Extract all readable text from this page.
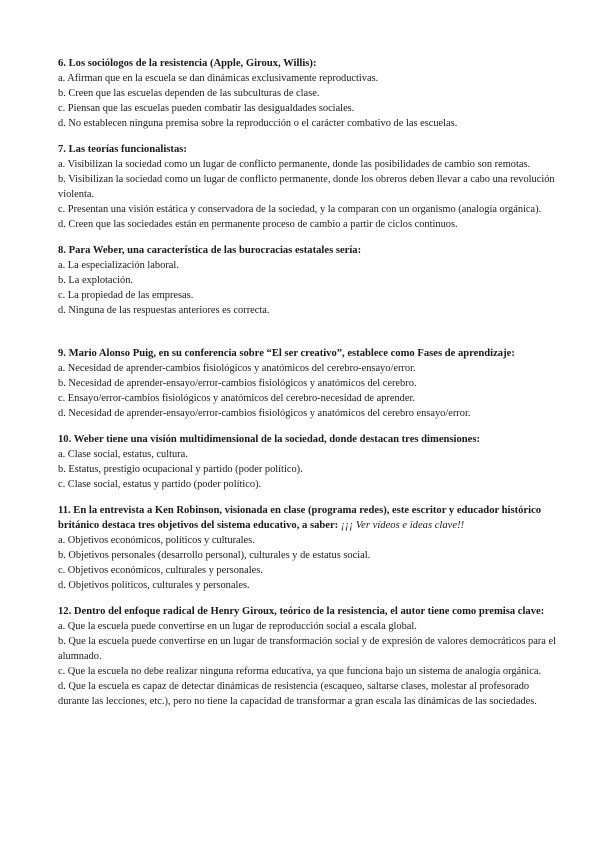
6. Los sociólogos de la resistencia (Apple, Giroux, Willis):

a. Afirman que en la escuela se dan dinámicas exclusivamente reproductivas.

b. Creen que las escuelas dependen de las subculturas de clase.

c. Piensan que las escuelas pueden combatir las desigualdades sociales.

d. No establecen ninguna premisa sobre la reproducción o el carácter combativo de las escuelas.

7. Las teorías funcionalistas:

a. Visibilizan la sociedad como un lugar de conflicto permanente, donde las posibilidades de cambio son remotas.

b. Visibilizan la sociedad como un lugar de conflicto permanente, donde los obreros deben llevar a cabo una revolución violenta.

c. Presentan una visión estática y conservadora de la sociedad, y la comparan con un organismo (analogía orgánica).

d. Creen que las sociedades están en permanente proceso de cambio a partir de ciclos continuos.

8. Para Weber, una característica de las burocracias estatales sería:

a. La especialización laboral.

b. La explotación.

c. La propiedad de las empresas.

d. Ninguna de las respuestas anteriores es correcta.

9. Mario Alonso Puig, en su conferencia sobre “El ser creativo”, establece como Fases de aprendizaje:

a. Necesidad de aprender-cambios fisiológicos y anatómicos del cerebro-ensayo/error.

b. Necesidad de aprender-ensayo/error-cambios fisiológicos y anatómicos del cerebro.

c. Ensayo/error-cambios fisiológicos y anatómicos del cerebro-necesidad de aprender.

d. Necesidad de aprender-ensayo/error-cambios fisiológicos y anatómicos del cerebro ensayo/error.

10. Weber tiene una visión multidimensional de la sociedad, donde destacan tres dimensiones:

a. Clase social, estatus, cultura.

b. Estatus, prestigio ocupacional y partido (poder político).

c. Clase social, estatus y partido (poder político).

11. En la entrevista a Ken Robinson, visionada en clase (programa redes), este escritor y educador histórico británico destaca tres objetivos del sistema educativo, a saber: ¡¡¡ Ver vídeos e ideas clave!!

a. Objetivos económicos, políticos y culturales.

b. Objetivos personales (desarrollo personal), culturales y de estatus social.

c. Objetivos económicos, culturales y personales.

d. Objetivos políticos, culturales y personales.

12. Dentro del enfoque radical de Henry Giroux, teórico de la resistencia, el autor tiene como premisa clave:

a. Que la escuela puede convertirse en un lugar de reproducción social a escala global.

b. Que la escuela puede convertirse en un lugar de transformación social y de expresión de valores democráticos para el alumnado.

c. Que la escuela no debe realizar ninguna reforma educativa, ya que funciona bajo un sistema de analogía orgánica.

d. Que la escuela es capaz de detectar dinámicas de resistencia (escaqueo, saltarse clases, molestar al profesorado durante las lecciones, etc.), pero no tiene la capacidad de transformar a gran escala las dinámicas de las sociedades.
